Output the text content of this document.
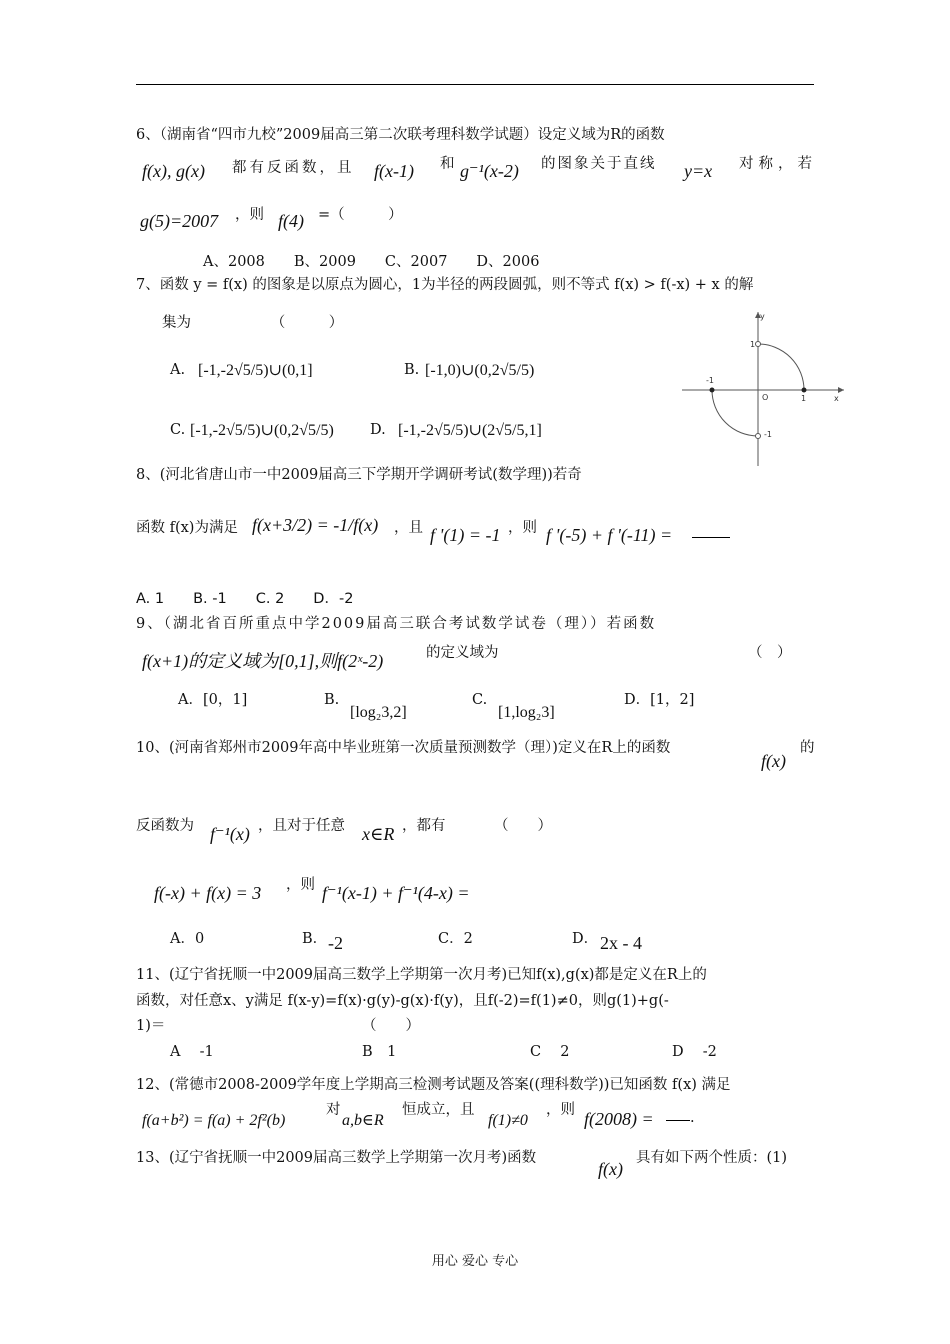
6、（湖南省“四市九校”2009届高三第二次联考理科数学试题）设定义域为R的函数
f(x), g(x) 都有反函数，且 f(x-1) 和 g⁻¹(x-2) 的图象关于直线 y=x 对称，若
g(5)=2007 ，则 f(4) =（　　　）
A、2008　　B、2009　　C、2007　　D、2006
7、函数 y = f(x) 的图象是以原点为圆心，1为半径的两段圆弧，则不等式 f(x) > f(-x) + x 的解
集为　　　　　　（　　　）
A. [-1,-2√5/5)∪(0,1]	B. [-1,0)∪(0,2√5/5)
C. [-1,-2√5/5)∪(0,2√5/5) D. [-1,-2√5/5)∪(2√5/5,1]
y
x
O	1
-1
1
-1
8、(河北省唐山市一中2009届高三下学期开学调研考试(数学理))若奇
函数 f(x)为满足 f(x+3/2) = -1/f(x) ，且 f '(1) = -1 ，则 f '(-5) + f '(-11) =
A. 1　　B. -1　　C. 2　　D．-2
9、（湖北省百所重点中学2009届高三联合考试数学试卷（理））若函数
f(x+1)的定义域为[0,1],则f(2ˣ-2)	的定义域为	（　）
A．[0，1]	B.
[log₂3,2]
C.
[1,log₂3]
D．[1，2]
10、(河南省郑州市2009年高中毕业班第一次质量预测数学（理）)定义在R上的函数
f(x)
的
反函数为 f⁻¹(x) ，且对于任意 x∈R ，都有	（　　）
f(-x) + f(x) = 3 ，则 f⁻¹(x-1) + f⁻¹(4-x) =
A．0	B． -2	C．2	D． 2x - 4
11、(辽宁省抚顺一中2009届高三数学上学期第一次月考)已知f(x),g(x)都是定义在R上的
函数，对任意x、y满足 f(x-y)=f(x)·g(y)-g(x)·f(y)，且f(-2)=f(1)≠0，则g(1)+g(-
1)＝	（　　）
A　 -1	B　1	C　 2	D　 -2
12、(常德市2008-2009学年度上学期高三检测考试题及答案((理科数学))已知函数 f(x) 满足
f(a+b²) = f(a) + 2f²(b)
对
a,b∈R
恒成立，且
f(1)≠0
，则 f(2008) =	.
13、(辽宁省抚顺一中2009届高三数学上学期第一次月考)函数
f(x)
具有如下两个性质：(1)
用心 爱心 专心
